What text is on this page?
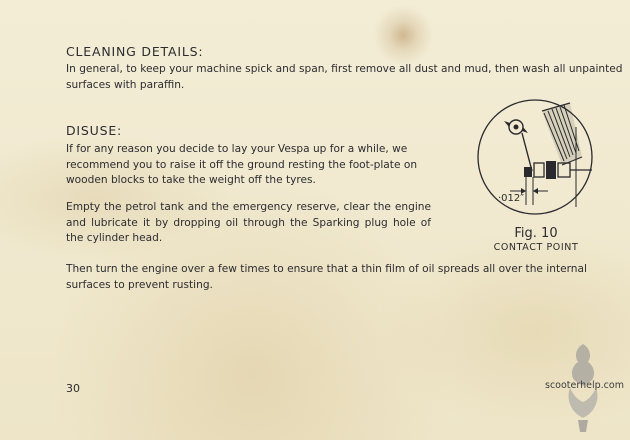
CLEANING DETAILS:

In general, to keep your machine spick and span, first remove all dust and mud, then wash all unpainted surfaces with paraffin.

DISUSE:

If for any reason you decide to lay your Vespa up for a while, we recommend you to raise it off the ground resting the foot-plate on wooden blocks to take the weight off the tyres.

Empty the petrol tank and the emergency reserve, clear the engine and lubricate it by dropping oil through the Sparking plug hole of the cylinder head.

Then turn the engine over a few times to ensure that a thin film of oil spreads all over the internal surfaces to prevent rusting.

·012″
Fig. 10
CONTACT POINT
30	scooterhelp.com
